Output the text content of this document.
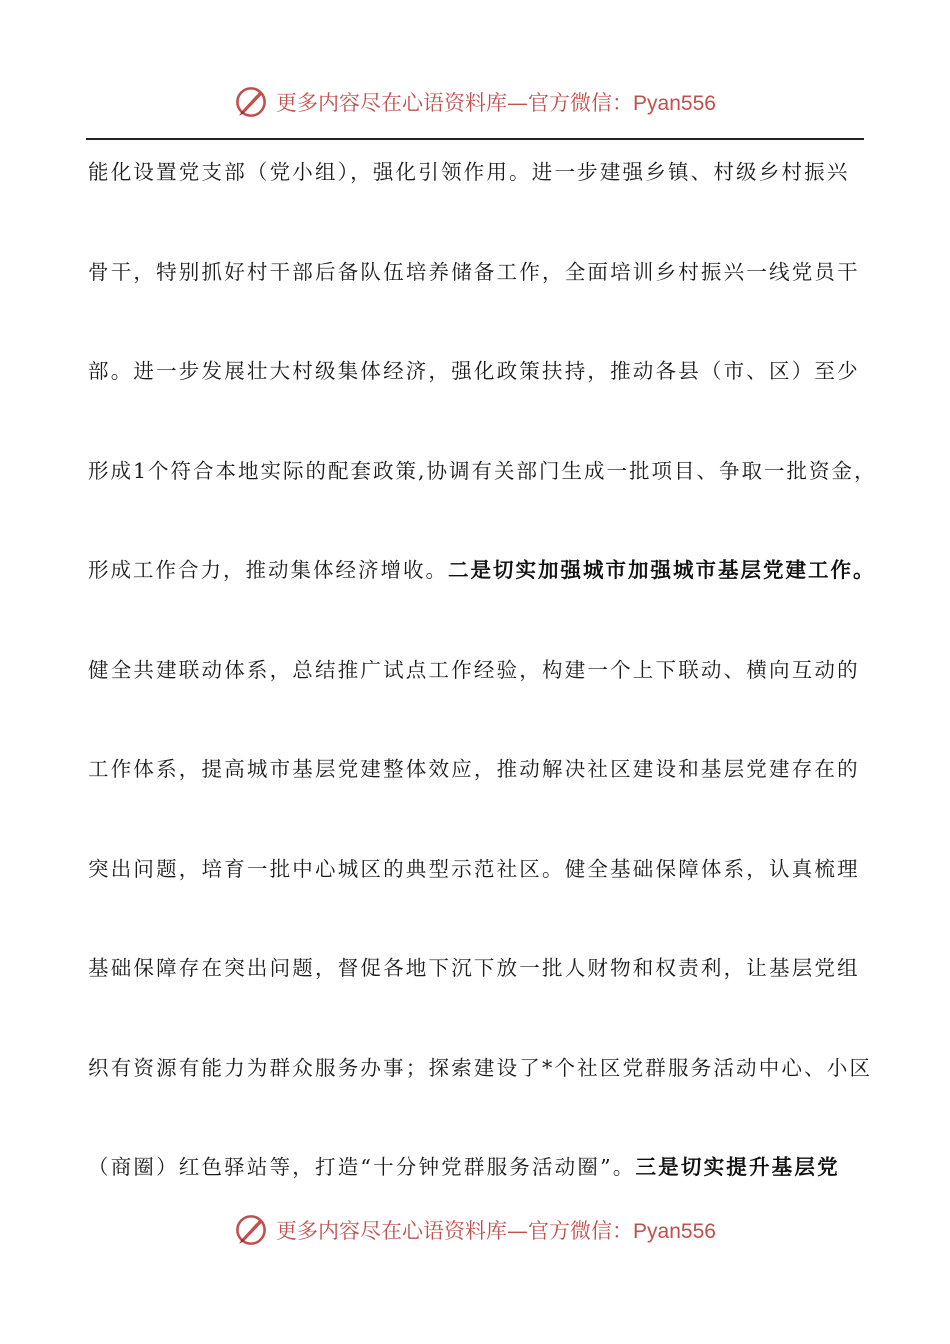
更多内容尽在心语资料库—官方微信：Pyan556
能化设置党支部（党小组），强化引领作用。进一步建强乡镇、村级乡村振兴
骨干，特别抓好村干部后备队伍培养储备工作，全面培训乡村振兴一线党员干
部。进一步发展壮大村级集体经济，强化政策扶持，推动各县（市、区）至少
形成1个符合本地实际的配套政策,协调有关部门生成一批项目、争取一批资金，
形成工作合力，推动集体经济增收。二是切实加强城市加强城市基层党建工作。
健全共建联动体系，总结推广试点工作经验，构建一个上下联动、横向互动的
工作体系，提高城市基层党建整体效应，推动解决社区建设和基层党建存在的
突出问题，培育一批中心城区的典型示范社区。健全基础保障体系，认真梳理
基础保障存在突出问题，督促各地下沉下放一批人财物和权责利，让基层党组
织有资源有能力为群众服务办事；探索建设了*个社区党群服务活动中心、小区
（商圈）红色驿站等，打造“十分钟党群服务活动圈”。三是切实提升基层党
更多内容尽在心语资料库—官方微信：Pyan556
